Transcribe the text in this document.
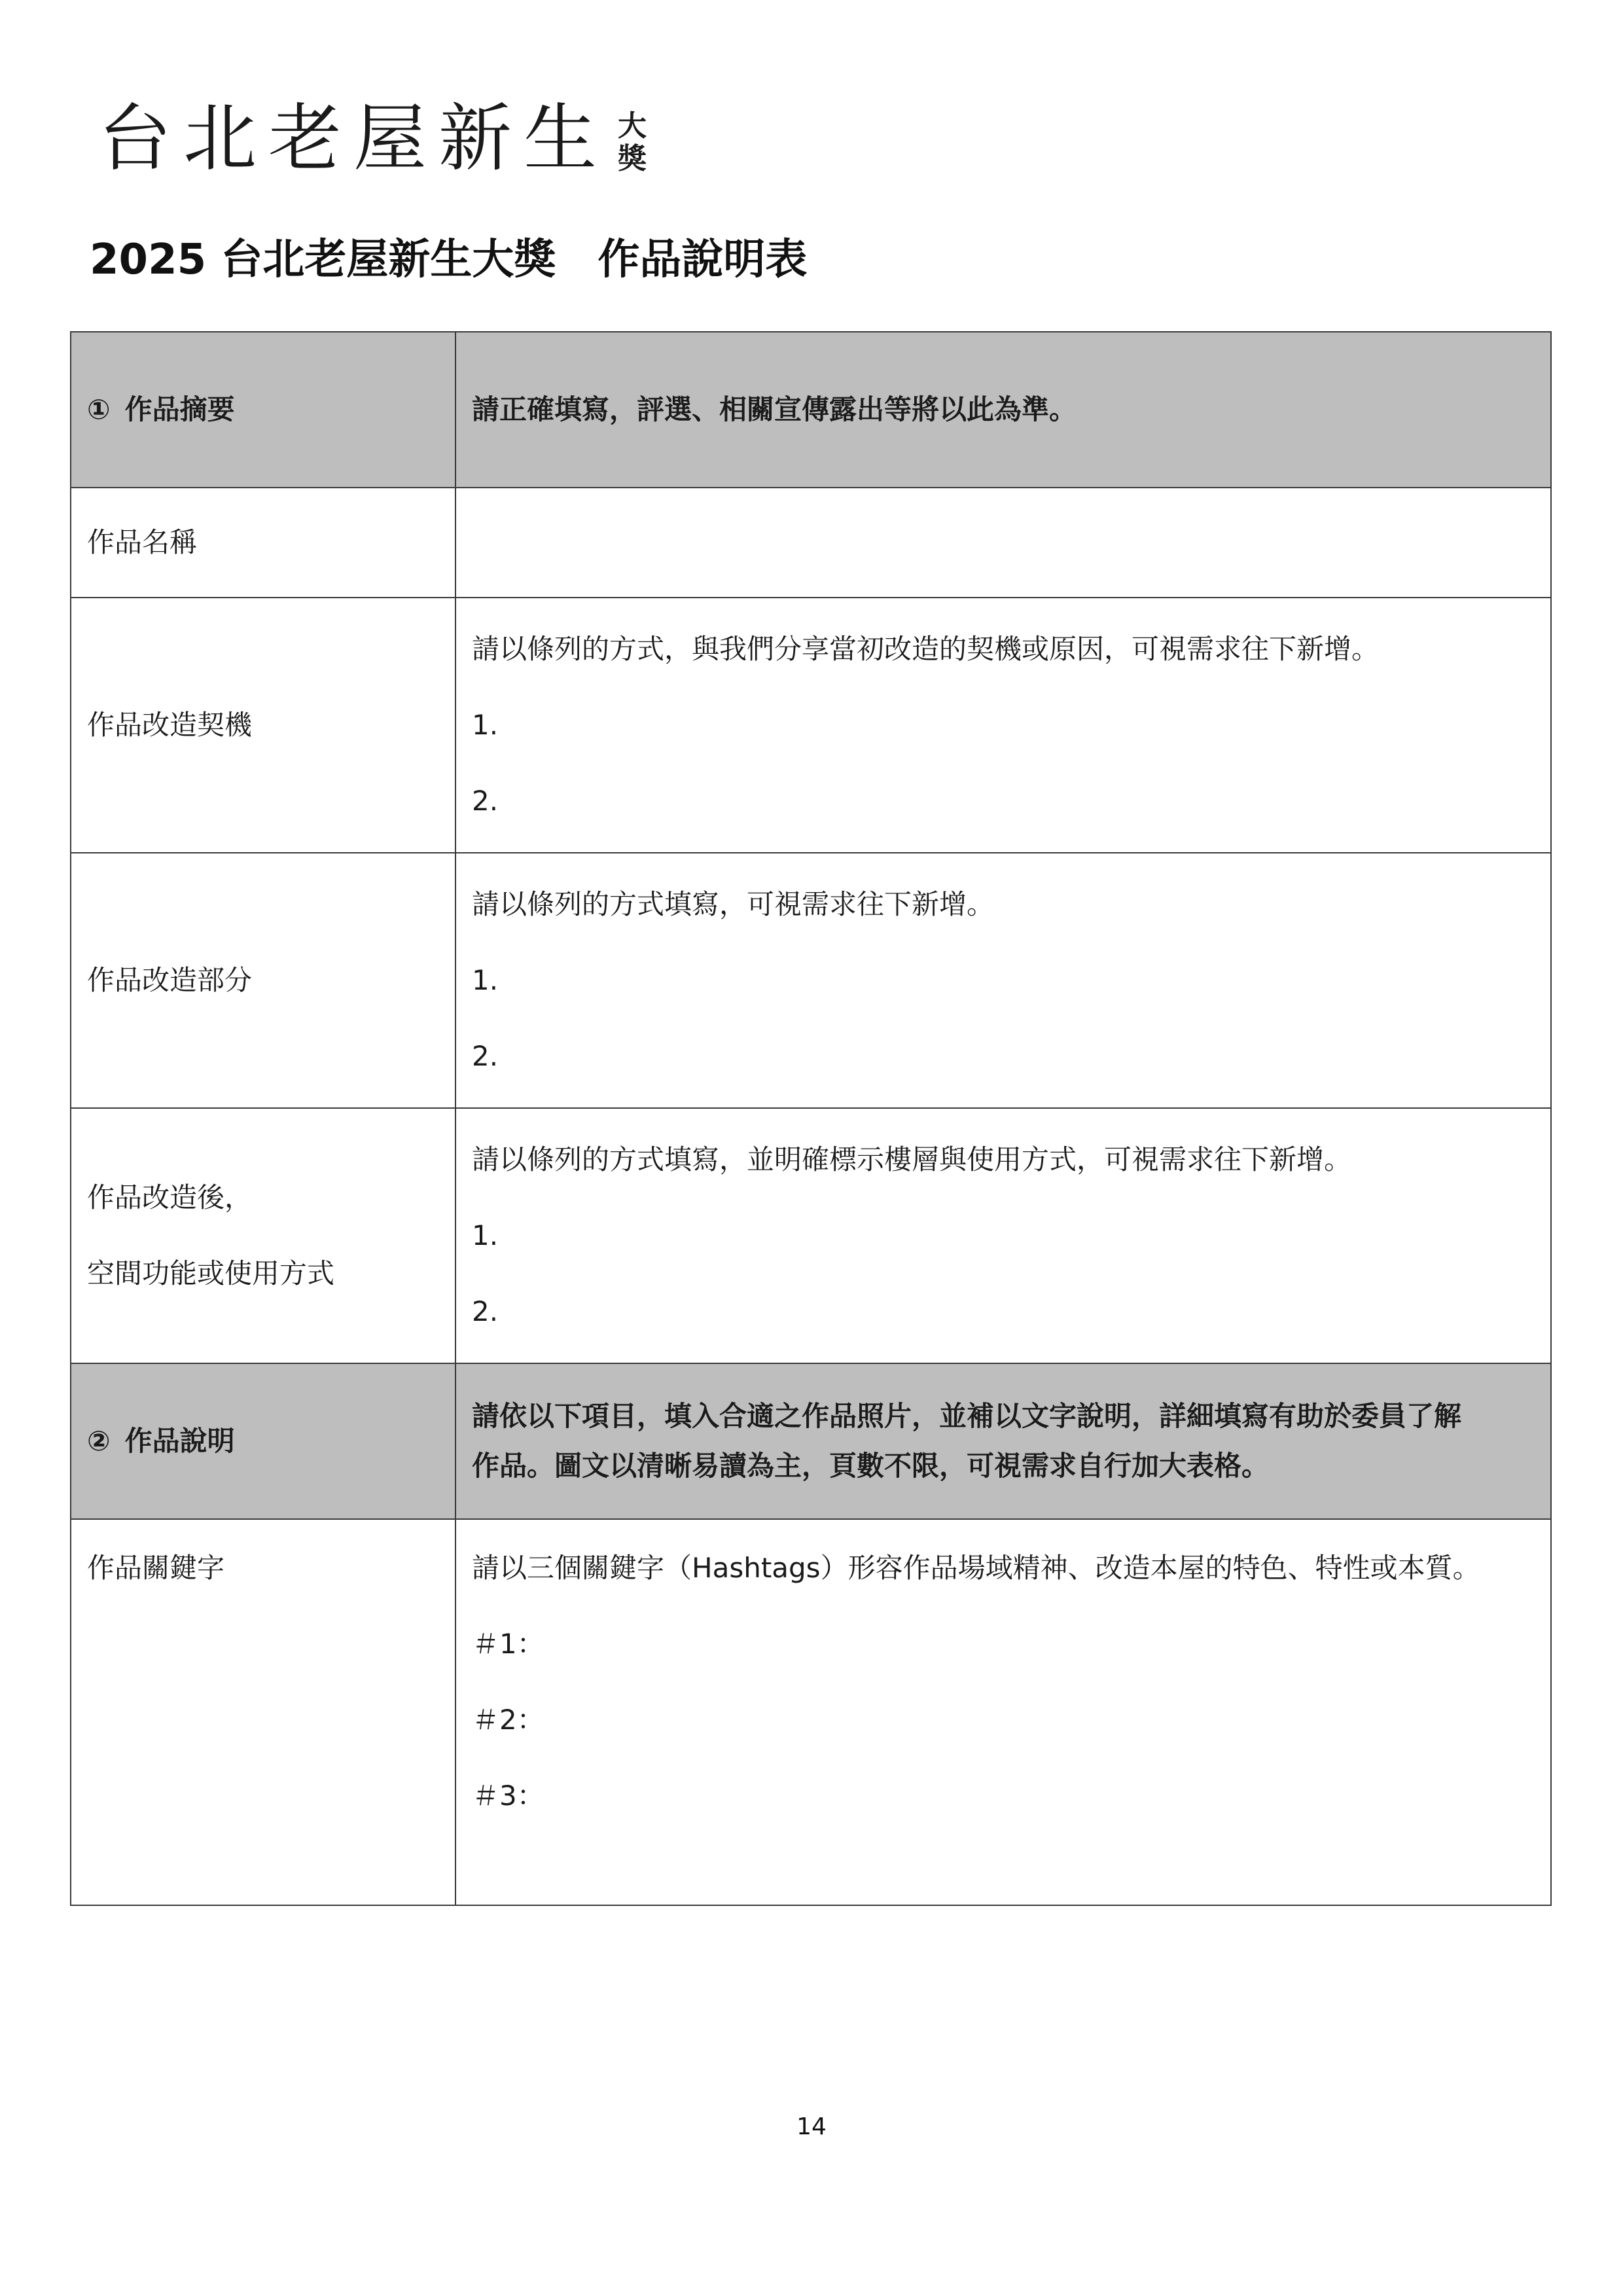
台北老屋新生 大
獎
2025 台北老屋新生大獎 作品說明表
① 作品摘要	請正確填寫，評選、相關宣傳露出等將以此為準。
作品名稱	
作品改造契機	請以條列的方式，與我們分享當初改造的契機或原因，可視需求往下新增。
1.
2.

作品改造部分	請以條列的方式填寫，可視需求往下新增。
1.
2.

作品改造後，
空間功能或使用方式	請以條列的方式填寫，並明確標示樓層與使用方式，可視需求往下新增。
1.
2.

② 作品說明	請依以下項目，填入合適之作品照片，並補以文字說明，詳細填寫有助於委員了解
作品。圖文以清晰易讀為主，頁數不限，可視需求自行加大表格。

作品關鍵字	請以三個關鍵字（Hashtags）形容作品場域精神、改造本屋的特色、特性或本質。
＃1：
＃2：
＃3：
14
